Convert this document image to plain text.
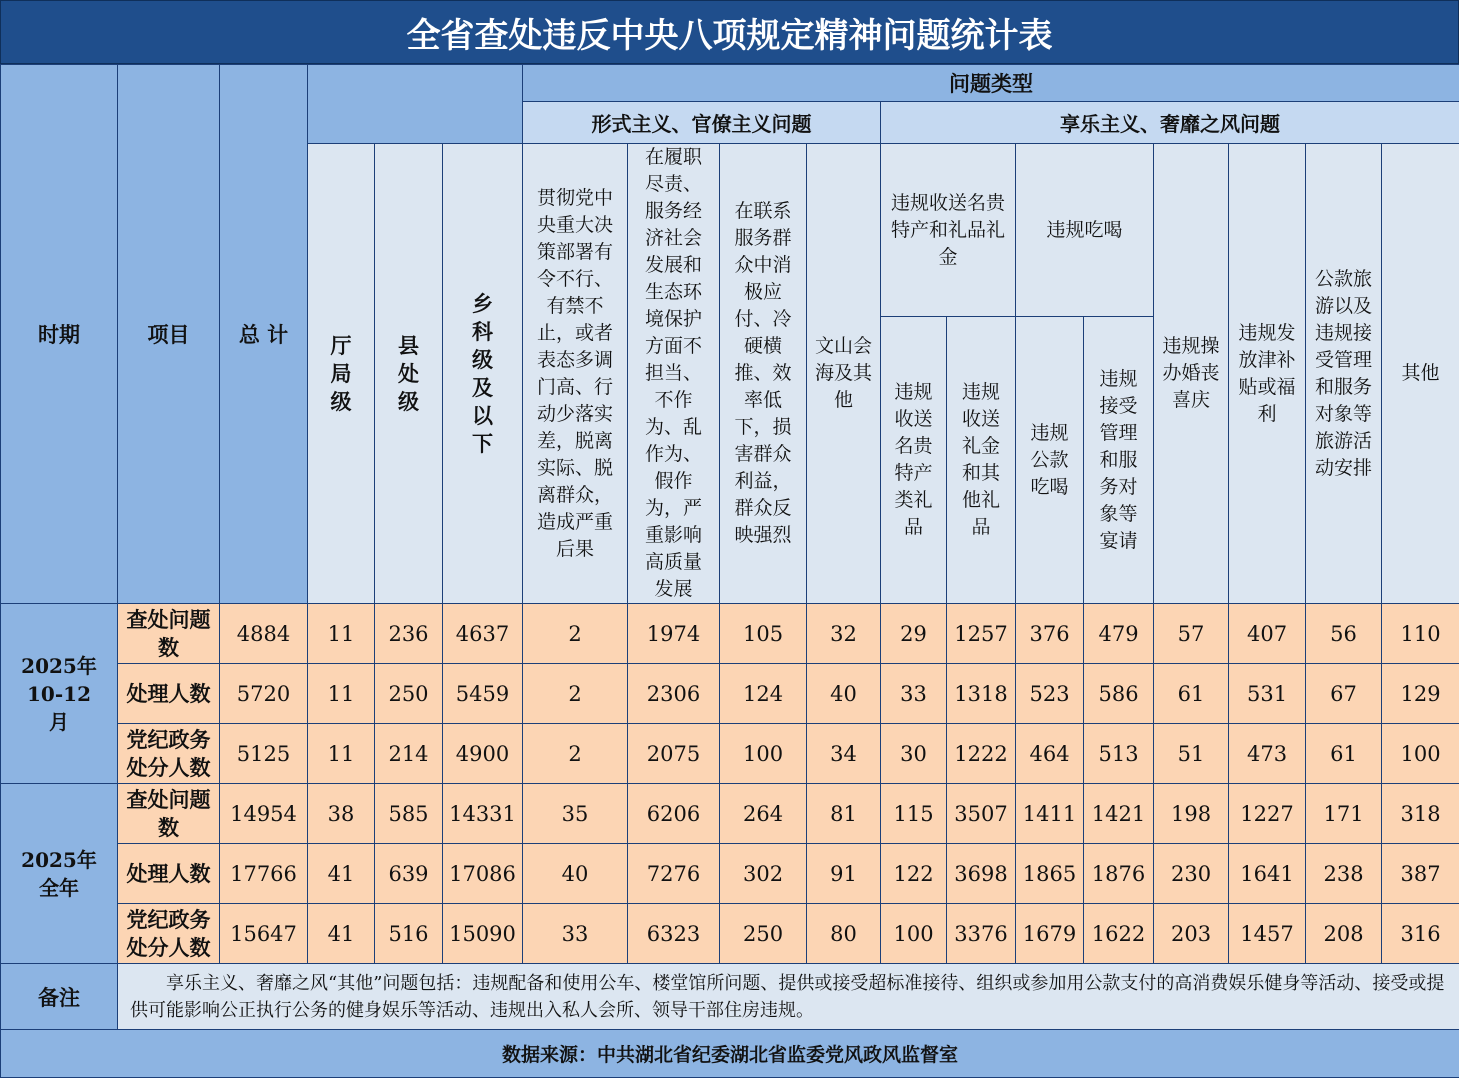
全省查处违反中央八项规定精神问题统计表
时期	项目	总 计				问题类型											
						形式主义、官僚主义问题				享乐主义、奢靡之风问题							
			厅局级	县处级	乡科级及以下	贯彻党中央重大决策部署有令不行、有禁不止，或者表态多调门高、行动少落实差，脱离实际、脱离群众，造成严重后果	在履职尽责、服务经济社会发展和生态环境保护方面不担当、不作为、乱作为、假作为，严重影响高质量发展	在联系服务群众中消极应付、冷硬横推、效率低下，损害群众利益，群众反映强烈	文山会海及其他	违规收送名贵特产和礼品礼金		违规吃喝		违规操办婚丧喜庆	违规发放津补贴或福利	公款旅游以及违规接受管理和服务对象等旅游活动安排	其他
										违规收送名贵特产类礼品	违规收送礼金和其他礼品	违规公款吃喝	违规接受管理和服务对象等宴请				
2025年10-12月	查处问题数	4884	11	236	4637	2	1974	105	32	29	1257	376	479	57	407	56	110
	处理人数	5720	11	250	5459	2	2306	124	40	33	1318	523	586	61	531	67	129
	党纪政务处分人数	5125	11	214	4900	2	2075	100	34	30	1222	464	513	51	473	61	100
2025年全年	查处问题数	14954	38	585	14331	35	6206	264	81	115	3507	1411	1421	198	1227	171	318
	处理人数	17766	41	639	17086	40	7276	302	91	122	3698	1865	1876	230	1641	238	387
	党纪政务处分人数	15647	41	516	15090	33	6323	250	80	100	3376	1679	1622	203	1457	208	316
备注	享乐主义、奢靡之风“其他”问题包括：违规配备和使用公车、楼堂馆所问题、提供或接受超标准接待、组织或参加用公款支付的高消费娱乐健身等活动、接受或提供可能影响公正执行公务的健身娱乐等活动、违规出入私人会所、领导干部住房违规。																
数据来源：中共湖北省纪委湖北省监委党风政风监督室																	
